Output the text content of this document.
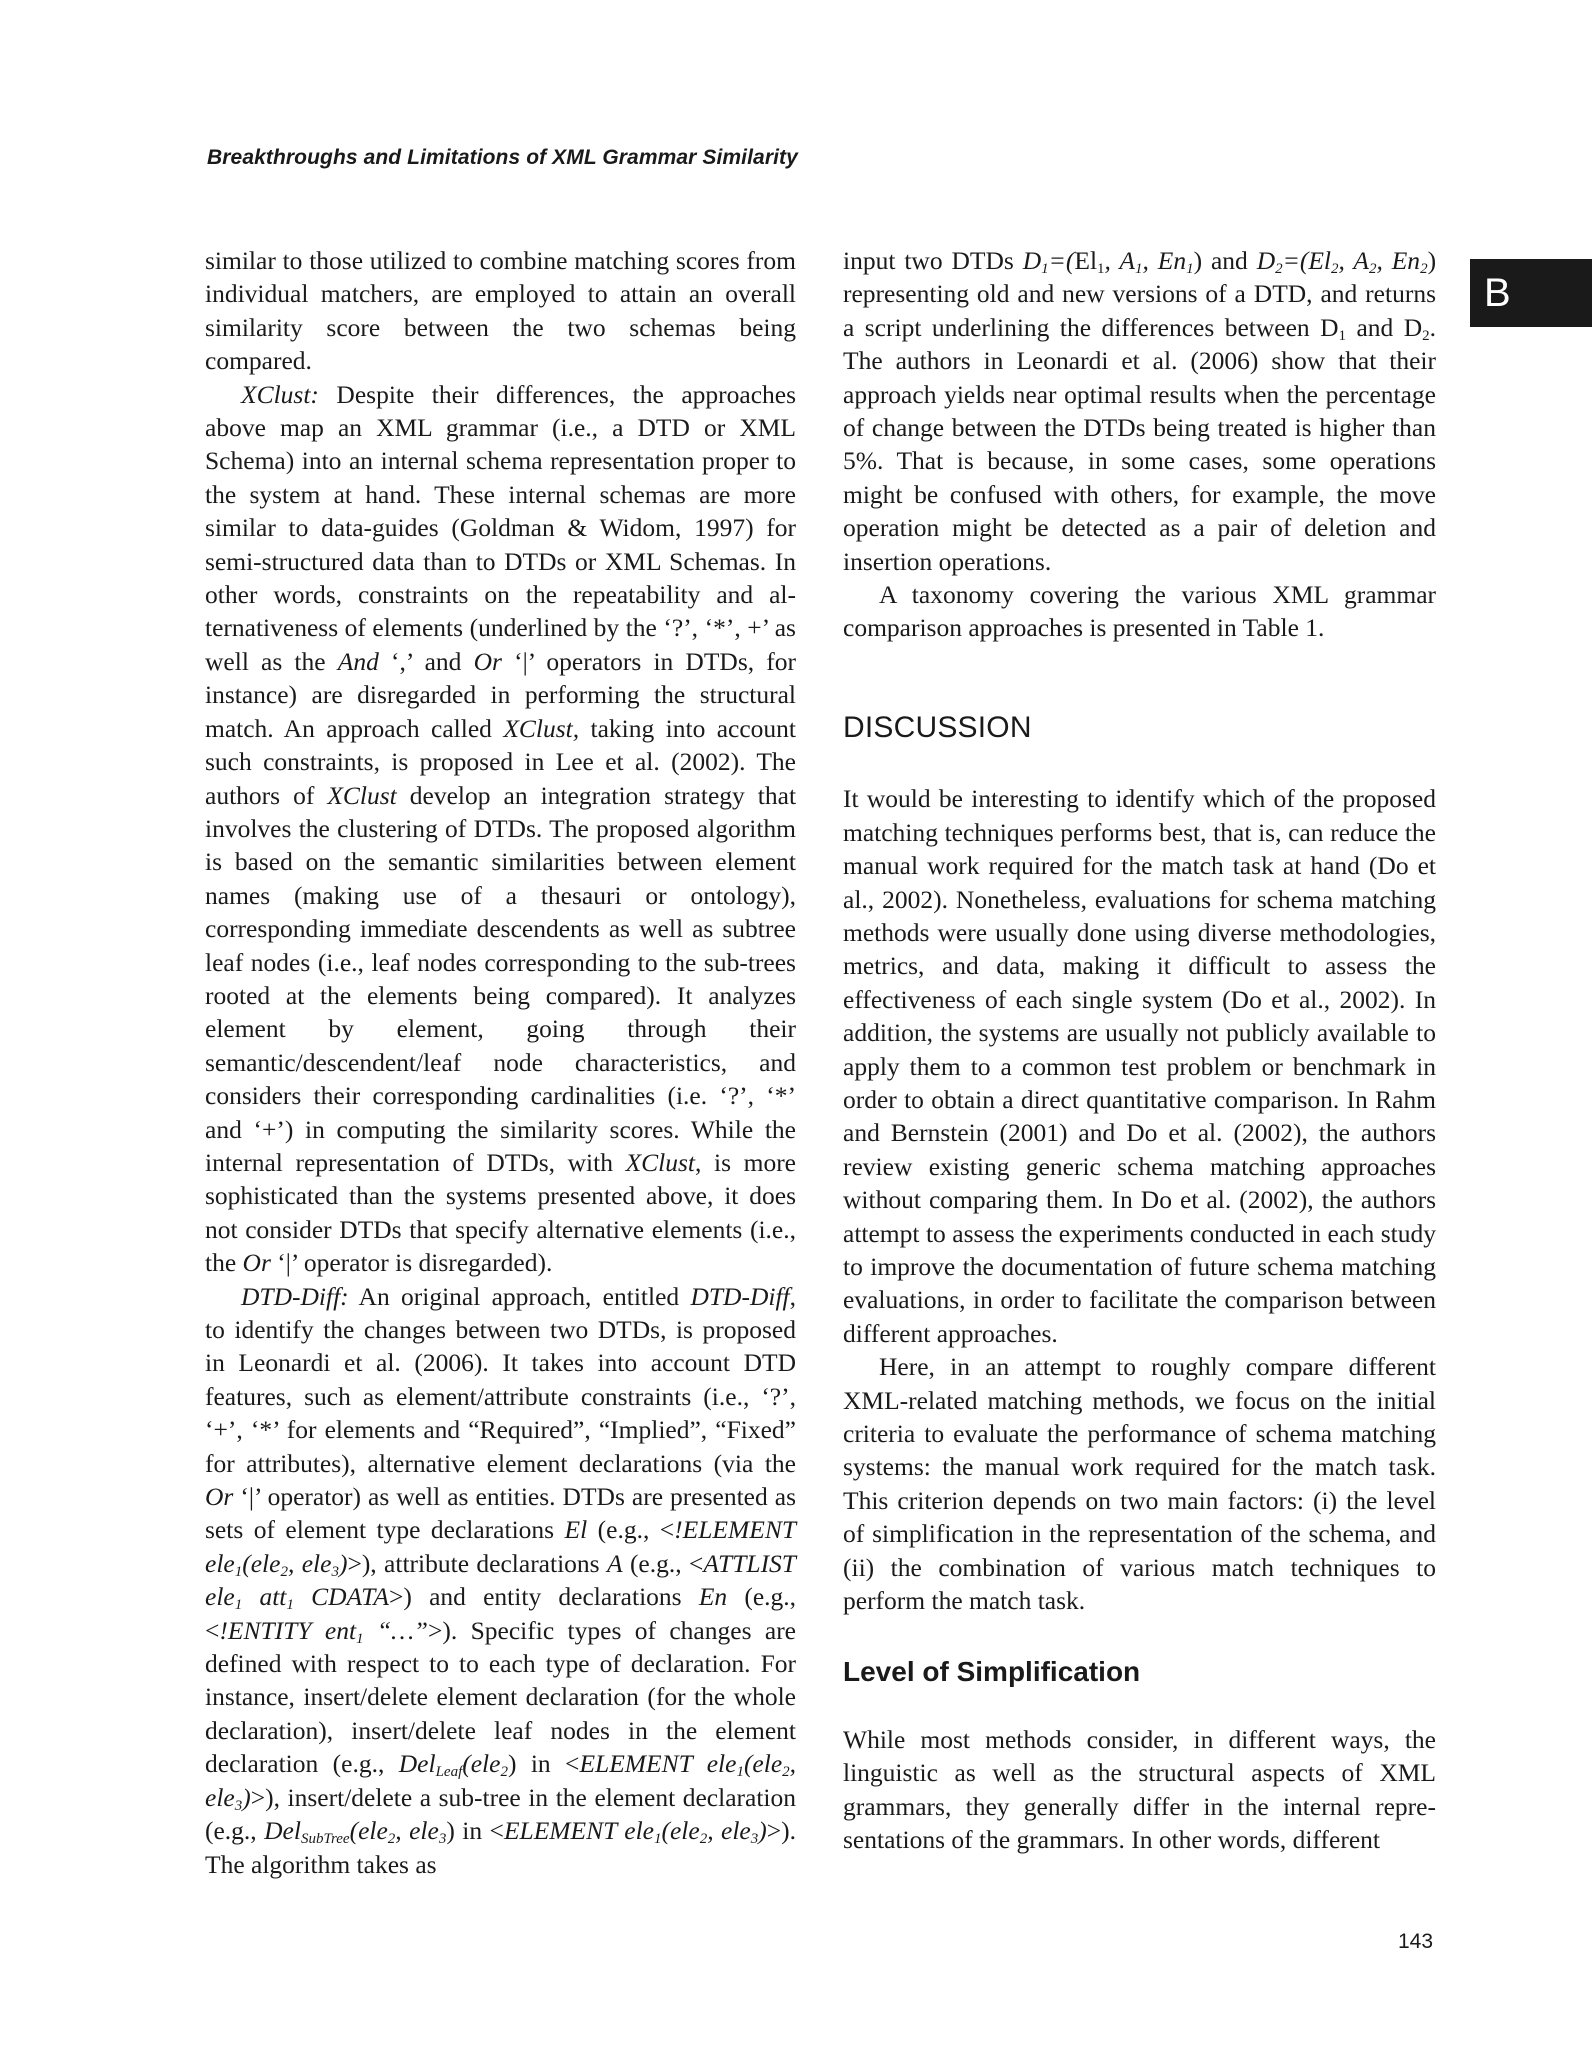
Breakthroughs and Limitations of XML Grammar Similarity
B

similar to those utilized to combine matching scores from individual matchers, are employed to attain an overall similarity score between the two schemas being compared.

XClust: Despite their differences, the approaches above map an XML grammar (i.e., a DTD or XML Schema) into an internal schema representation proper to the system at hand. These internal schemas are more similar to data-guides (Goldman & Widom, 1997) for semi-structured data than to DTDs or XML Schemas. In other words, constraints on the repeatability and alternativeness of elements (underlined by the ‘?’, ‘*’, +’ as well as the And ‘,’ and Or ‘|’ operators in DTDs, for instance) are disregarded in performing the structural match. An approach called XClust, taking into account such constraints, is proposed in Lee et al. (2002). The authors of XClust develop an integration strategy that involves the clustering of DTDs. The proposed algorithm is based on the semantic similarities between element names (making use of a thesauri or ontology), corresponding immediate descendents as well as subtree leaf nodes (i.e., leaf nodes corresponding to the sub-trees rooted at the elements being compared). It analyzes element by element, going through their semantic/descendent/leaf node characteristics, and considers their corresponding cardinalities (i.e. ‘?’, ‘*’ and ‘+’) in computing the similarity scores. While the internal representation of DTDs, with XClust, is more sophisticated than the systems presented above, it does not consider DTDs that specify alternative elements (i.e., the Or ‘|’ operator is disregarded).

DTD-Diff: An original approach, entitled DTD-Diff, to identify the changes between two DTDs, is proposed in Leonardi et al. (2006). It takes into account DTD features, such as element/attribute constraints (i.e., ‘?’, ‘+’, ‘*’ for elements and “Required”, “Implied”, “Fixed” for attributes), alternative element declarations (via the Or ‘|’ operator) as well as entities. DTDs are presented as sets of element type declarations El (e.g., <!ELEMENT ele$_1$(ele$_2$, ele$_3$)>), attribute declarations A (e.g., <ATTLIST ele$_1$ att$_1$ CDATA>) and entity declarations En (e.g., <!ENTITY ent$_1$ “…”>). Specific types of changes are defined with respect to to each type of declaration. For instance, insert/delete element declaration (for the whole declaration), insert/delete leaf nodes in the element declaration (e.g., Del$_{Leaf}$(ele$_2$) in <ELEMENT ele$_1$(ele$_2$, ele$_3$)>), insert/delete a sub-tree in the element declaration (e.g., Del$_{SubTree}$(ele$_2$, ele$_3$) in <ELEMENT ele$_1$(ele$_2$, ele$_3$)>). The algorithm takes as

input two DTDs $D_1=(El_1$, $A_1$, $En_1$) and $D_2=(El_2$, $A_2$, $En_2$) representing old and new versions of a DTD, and returns a script underlining the differences between $D_1$ and $D_2$. The authors in Leonardi et al. (2006) show that their approach yields near optimal results when the percentage of change between the DTDs being treated is higher than 5%. That is because, in some cases, some operations might be confused with others, for example, the move operation might be detected as a pair of deletion and insertion operations.

A taxonomy covering the various XML grammar comparison approaches is presented in Table 1.

DISCUSSION

It would be interesting to identify which of the proposed matching techniques performs best, that is, can reduce the manual work required for the match task at hand (Do et al., 2002). Nonetheless, evaluations for schema matching methods were usually done using diverse methodologies, metrics, and data, making it difficult to assess the effectiveness of each single system (Do et al., 2002). In addition, the systems are usually not publicly available to apply them to a common test problem or benchmark in order to obtain a direct quantitative comparison. In Rahm and Bernstein (2001) and Do et al. (2002), the authors review existing generic schema matching approaches without comparing them. In Do et al. (2002), the authors attempt to assess the experiments conducted in each study to improve the documentation of future schema matching evaluations, in order to facilitate the comparison between different approaches.

Here, in an attempt to roughly compare different XML-related matching methods, we focus on the initial criteria to evaluate the performance of schema matching systems: the manual work required for the match task. This criterion depends on two main factors: (i) the level of simplification in the representation of the schema, and (ii) the combination of various match techniques to perform the match task.

Level of Simplification

While most methods consider, in different ways, the linguistic as well as the structural aspects of XML grammars, they generally differ in the internal representations of the grammars. In other words, different

143
